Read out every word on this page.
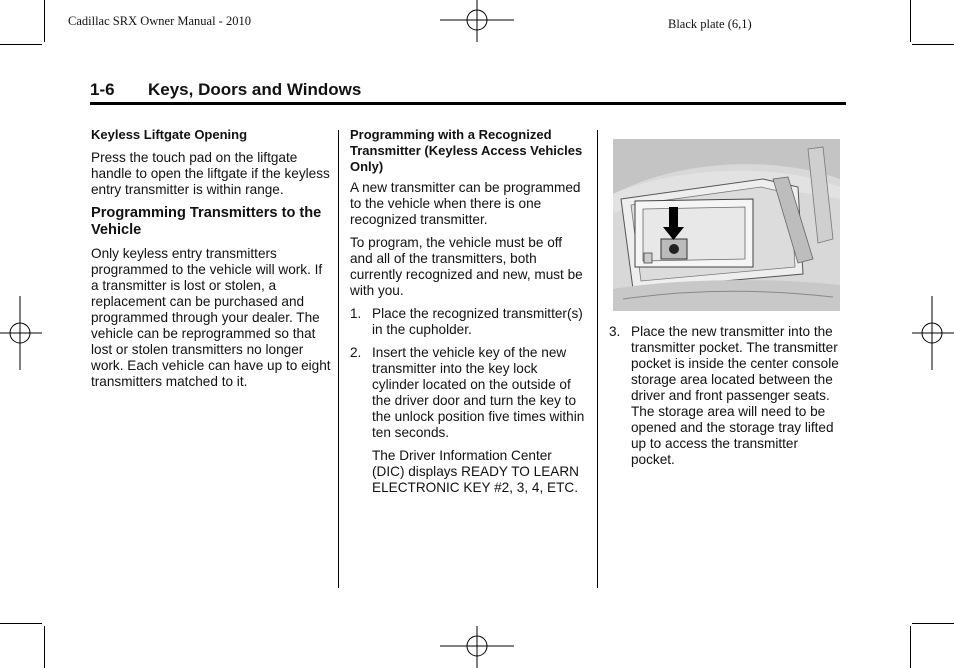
Cadillac SRX Owner Manual - 2010	Black plate (6,1)
1-6 Keys, Doors and Windows
Keyless Liftgate Opening

Press the touch pad on the liftgate handle to open the liftgate if the keyless entry transmitter is within range.

Programming Transmitters to the Vehicle

Only keyless entry transmitters programmed to the vehicle will work. If a transmitter is lost or stolen, a replacement can be purchased and programmed through your dealer. The vehicle can be reprogrammed so that lost or stolen transmitters no longer work. Each vehicle can have up to eight transmitters matched to it.

Programming with a Recognized Transmitter (Keyless Access Vehicles Only)

A new transmitter can be programmed to the vehicle when there is one recognized transmitter.

To program, the vehicle must be off and all of the transmitters, both currently recognized and new, must be with you.

1. Place the recognized transmitter(s) in the cupholder.
2. Insert the vehicle key of the new transmitter into the key lock cylinder located on the outside of the driver door and turn the key to the unlock position five times within ten seconds.

The Driver Information Center (DIC) displays READY TO LEARN ELECTRONIC KEY #2, 3, 4, ETC.

3. Place the new transmitter into the transmitter pocket. The transmitter pocket is inside the center console storage area located between the driver and front passenger seats. The storage area will need to be opened and the storage tray lifted up to access the transmitter pocket.
